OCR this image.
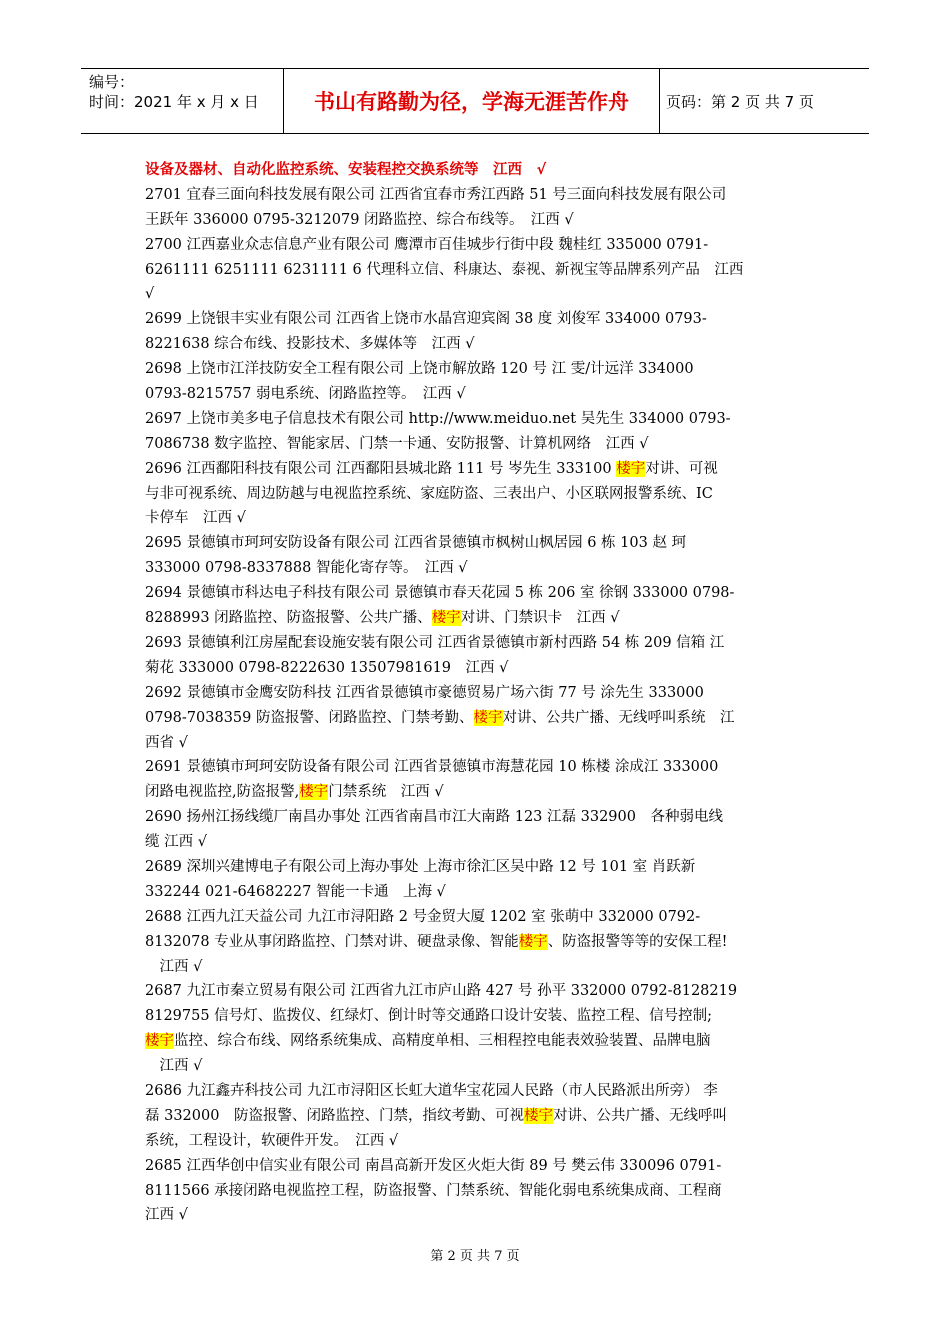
编号：
时间：2021 年 x 月 x 日	书山有路勤为径，学海无涯苦作舟	页码：第 2 页 共 7 页
设备及器材、自动化监控系统、安装程控交换系统等　江西　√
2701 宜春三面向科技发展有限公司 江西省宜春市秀江西路 51 号三面向科技发展有限公司
王跃年 336000 0795-3212079 闭路监控、综合布线等。　江西 √
2700 江西嘉业众志信息产业有限公司 鹰潭市百佳城步行街中段 魏桂红 335000 0791-
6261111 6251111 6231111 6 代理科立信、科康达、泰视、新视宝等品牌系列产品　江西
√
2699 上饶银丰实业有限公司 江西省上饶市水晶宫迎宾阁 38 度 刘俊军 334000 0793-
8221638 综合布线、投影技术、多媒体等　江西 √
2698 上饶市江洋技防安全工程有限公司 上饶市解放路 120 号 江 雯/计远洋 334000
0793-8215757 弱电系统、闭路监控等。　江西 √
2697 上饶市美多电子信息技术有限公司 http://www.meiduo.net 吴先生 334000 0793-
7086738 数字监控、智能家居、门禁一卡通、安防报警、计算机网络　江西 √
2696 江西鄱阳科技有限公司 江西鄱阳县城北路 111 号 岑先生 333100 楼宇对讲、可视
与非可视系统、周边防越与电视监控系统、家庭防盗、三表出户、小区联网报警系统、IC
卡停车　江西 √
2695 景德镇市珂珂安防设备有限公司 江西省景德镇市枫树山枫居园 6 栋 103 赵 珂
333000 0798-8337888 智能化寄存等。　江西 √
2694 景德镇市科达电子科技有限公司 景德镇市春天花园 5 栋 206 室 徐钢 333000 0798-
8288993 闭路监控、防盗报警、公共广播、楼宇对讲、门禁识卡　江西 √
2693 景德镇利江房屋配套设施安装有限公司 江西省景德镇市新村西路 54 栋 209 信箱 江
菊花 333000 0798-8222630 13507981619　江西 √
2692 景德镇市金鹰安防科技 江西省景德镇市豪德贸易广场六街 77 号 涂先生 333000
0798-7038359 防盗报警、闭路监控、门禁考勤、楼宇对讲、公共广播、无线呼叫系统　江
西省 √
2691 景德镇市珂珂安防设备有限公司 江西省景德镇市海慧花园 10 栋楼 涂成江 333000
闭路电视监控,防盗报警,楼宇门禁系统　江西 √
2690 扬州江扬线缆厂南昌办事处 江西省南昌市江大南路 123 江磊 332900　各种弱电线
缆 江西 √
2689 深圳兴建博电子有限公司上海办事处 上海市徐汇区吴中路 12 号 101 室 肖跃新
332244 021-64682227 智能一卡通　上海 √
2688 江西九江天益公司 九江市浔阳路 2 号金贸大厦 1202 室 张萌中 332000 0792-
8132078 专业从事闭路监控、门禁对讲、硬盘录像、智能楼宇、防盗报警等等的安保工程!
　江西 √
2687 九江市秦立贸易有限公司 江西省九江市庐山路 427 号 孙平 332000 0792-8128219
8129755 信号灯、监拨仪、红绿灯、倒计时等交通路口设计安装、监控工程、信号控制;
楼宇监控、综合布线、网络系统集成、高精度单相、三相程控电能表效验装置、品牌电脑
　江西 √
2686 九江鑫卉科技公司 九江市浔阳区长虹大道华宝花园人民路（市人民路派出所旁） 李
磊 332000　防盗报警、闭路监控、门禁，指纹考勤、可视楼宇对讲、公共广播、无线呼叫
系统，工程设计，软硬件开发。　江西 √
2685 江西华创中信实业有限公司 南昌高新开发区火炬大街 89 号 樊云伟 330096 0791-
8111566 承接闭路电视监控工程，防盗报警、门禁系统、智能化弱电系统集成商、工程商
江西 √
第 2 页 共 7 页
